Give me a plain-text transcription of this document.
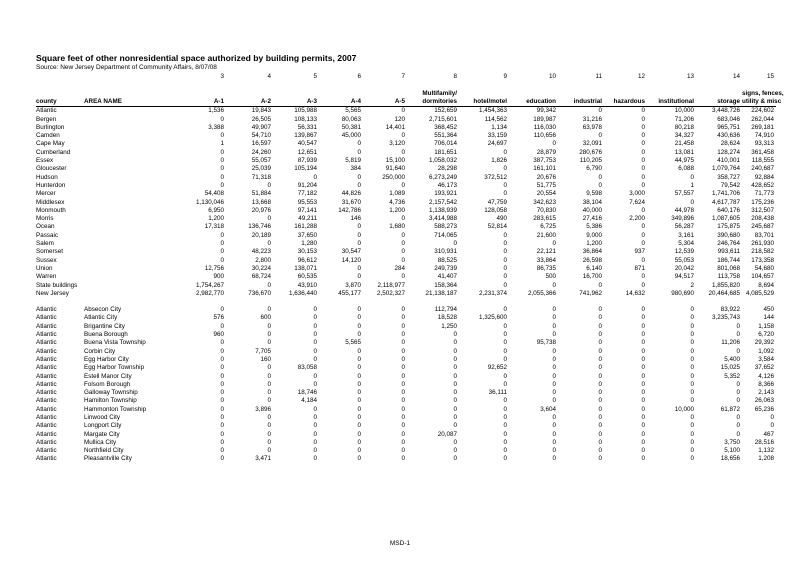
Square feet of other nonresidential space authorized by building permits, 2007
Source: New Jersey Department of Community Affairs, 8/07/08
		3	4	5	6	7	8	9	10	11	12	13	14	15
							Multifamily/							signs, fences,
county	AREA NAME	A-1	A-2	A-3	A-4	A-5	dormitories	hotel/motel	education	industrial	hazardous	institutional	storage	utility & misc
Atlantic		1,536	19,843	105,988	5,565	0	152,659	1,454,363	99,342	0	0	10,000	3,448,726	224,602
Bergen		0	26,505	108,133	80,063	120	2,715,601	114,562	189,987	31,216	0	71,206	683,046	262,044
Burlington		3,388	49,907	56,331	50,381	14,401	368,452	1,134	116,030	63,978	0	80,218	965,751	269,181
Camden		0	54,710	139,867	45,000	0	551,364	33,159	110,656	0	0	34,327	430,636	74,910
Cape May		1	16,597	40,547	0	3,120	706,014	24,697	0	32,091	0	21,458	28,624	93,313
Cumberland		0	24,260	12,651	0	0	181,651	0	28,879	280,676	0	13,081	128,274	361,458
Essex		0	55,057	87,939	5,819	15,100	1,058,032	1,826	387,753	110,205	0	44,975	410,001	118,555
Gloucester		0	25,039	105,194	384	91,640	28,298	0	161,101	6,790	0	6,088	1,079,764	240,687
Hudson		0	71,318	0	0	250,000	6,273,249	372,512	20,676	0	0	0	358,727	92,884
Hunterdon		0	0	91,204	0	0	46,173	0	51,775	0	0	1	79,542	428,652
Mercer		54,408	51,884	77,182	44,826	1,089	193,921	0	20,554	9,598	3,000	57,557	1,741,706	71,773
Middlesex		1,130,046	13,668	95,553	31,670	4,736	2,157,542	47,759	342,623	38,104	7,624	0	4,617,787	175,236
Monmouth		6,950	20,976	97,141	142,786	1,200	1,138,939	128,058	70,830	40,000	0	44,978	640,176	312,507
Morris		1,200	0	49,211	146	0	3,414,988	490	283,615	27,416	2,200	349,896	1,087,605	208,438
Ocean		17,318	136,746	161,288	0	1,680	588,273	52,814	6,725	5,386	0	56,287	175,875	245,687
Passaic		0	20,189	37,650	0	0	714,065	0	21,600	9,000	0	3,161	390,680	83,701
Salem		0	0	1,280	0	0	0	0	0	1,200	0	5,304	246,764	261,930
Somerset		0	48,223	30,153	30,547	0	310,931	0	22,121	36,864	937	12,539	993,611	218,582
Sussex		0	2,800	96,612	14,120	0	88,525	0	33,864	26,598	0	55,053	186,744	173,358
Union		12,756	30,224	138,071	0	284	249,739	0	86,735	6,140	871	20,042	801,068	54,680
Warren		900	68,724	60,535	0	0	41,407	0	500	16,700	0	94,517	113,758	104,657
State buildings		1,754,267	0	43,910	3,870	2,118,977	158,364	0	0	0	0	2	1,855,820	8,694
New Jersey		2,982,770	736,670	1,636,440	455,177	2,502,327	21,138,187	2,231,374	2,055,366	741,962	14,632	980,690	20,464,685	4,085,529

Atlantic	Absecon City	0	0	0	0	0	112,794	0	0	0	0	0	83,922	450
Atlantic	Atlantic City	576	600	0	0	0	18,528	1,325,600	0	0	0	0	3,235,743	144
Atlantic	Brigantine City	0	0	0	0	0	1,250	0	0	0	0	0	0	1,158
Atlantic	Buena Borough	960	0	0	0	0	0	0	0	0	0	0	0	6,720
Atlantic	Buena Vista Township	0	0	0	5,565	0	0	0	95,738	0	0	0	11,206	29,392
Atlantic	Corbin City	0	7,705	0	0	0	0	0	0	0	0	0	0	1,092
Atlantic	Egg Harbor City	0	160	0	0	0	0	0	0	0	0	0	5,400	3,584
Atlantic	Egg Harbor Township	0	0	83,058	0	0	0	92,652	0	0	0	0	15,025	37,652
Atlantic	Estell Manor City	0	0	0	0	0	0	0	0	0	0	0	5,352	4,126
Atlantic	Folsom Borough	0	0	0	0	0	0	0	0	0	0	0	0	8,366
Atlantic	Galloway Township	0	0	18,746	0	0	0	36,111	0	0	0	0	0	2,143
Atlantic	Hamilton Township	0	0	4,184	0	0	0	0	0	0	0	0	0	26,063
Atlantic	Hammonton Township	0	3,896	0	0	0	0	0	3,604	0	0	10,000	61,872	65,236
Atlantic	Linwood City	0	0	0	0	0	0	0	0	0	0	0	0	0
Atlantic	Longport City	0	0	0	0	0	0	0	0	0	0	0	0	0
Atlantic	Margate City	0	0	0	0	0	20,087	0	0	0	0	0	0	467
Atlantic	Mullica City	0	0	0	0	0	0	0	0	0	0	0	3,750	28,516
Atlantic	Northfield City	0	0	0	0	0	0	0	0	0	0	0	5,100	1,132
Atlantic	Pleasantville City	0	3,471	0	0	0	0	0	0	0	0	0	18,656	1,208
MSD-1
